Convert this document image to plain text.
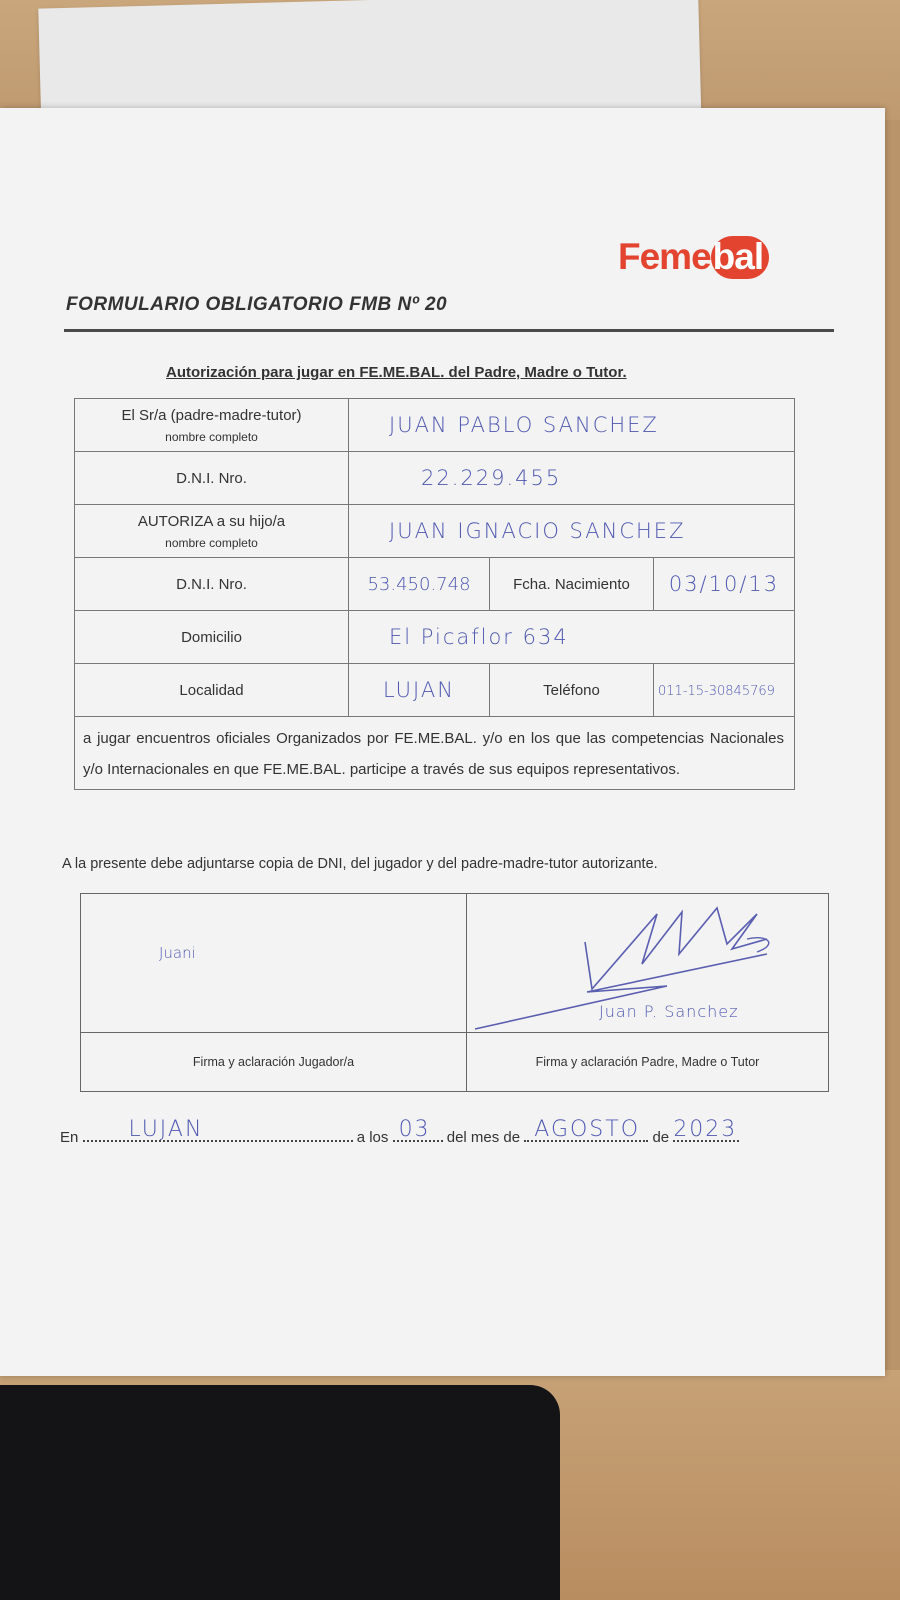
Femebal
FORMULARIO OBLIGATORIO FMB Nº 20
Autorización para jugar en FE.ME.BAL. del Padre, Madre o Tutor.
El Sr/a (padre-madre-tutor)
nombre completo	JUAN PABLO SANCHEZ		
D.N.I. Nro.	22.229.455		
AUTORIZA a su hijo/a
nombre completo	JUAN IGNACIO SANCHEZ		
D.N.I. Nro.	53.450.748	Fcha. Nacimiento	03/10/13
Domicilio	El Picaflor 634		
Localidad	LUJAN	Teléfono	011-15-30845769
a jugar encuentros oficiales Organizados por FE.ME.BAL. y/o en los que las competencias Nacionales y/o Internacionales en que FE.ME.BAL. participe a través de sus equipos representativos.			
A la presente debe adjuntarse copia de DNI, del jugador y del padre-madre-tutor autorizante.
Juani	Juan P. Sanchez

Firma y aclaración Jugador/a	Firma y aclaración Padre, Madre o Tutor
En LUJAN	a los 03 del mes de AGOSTO de 2023
